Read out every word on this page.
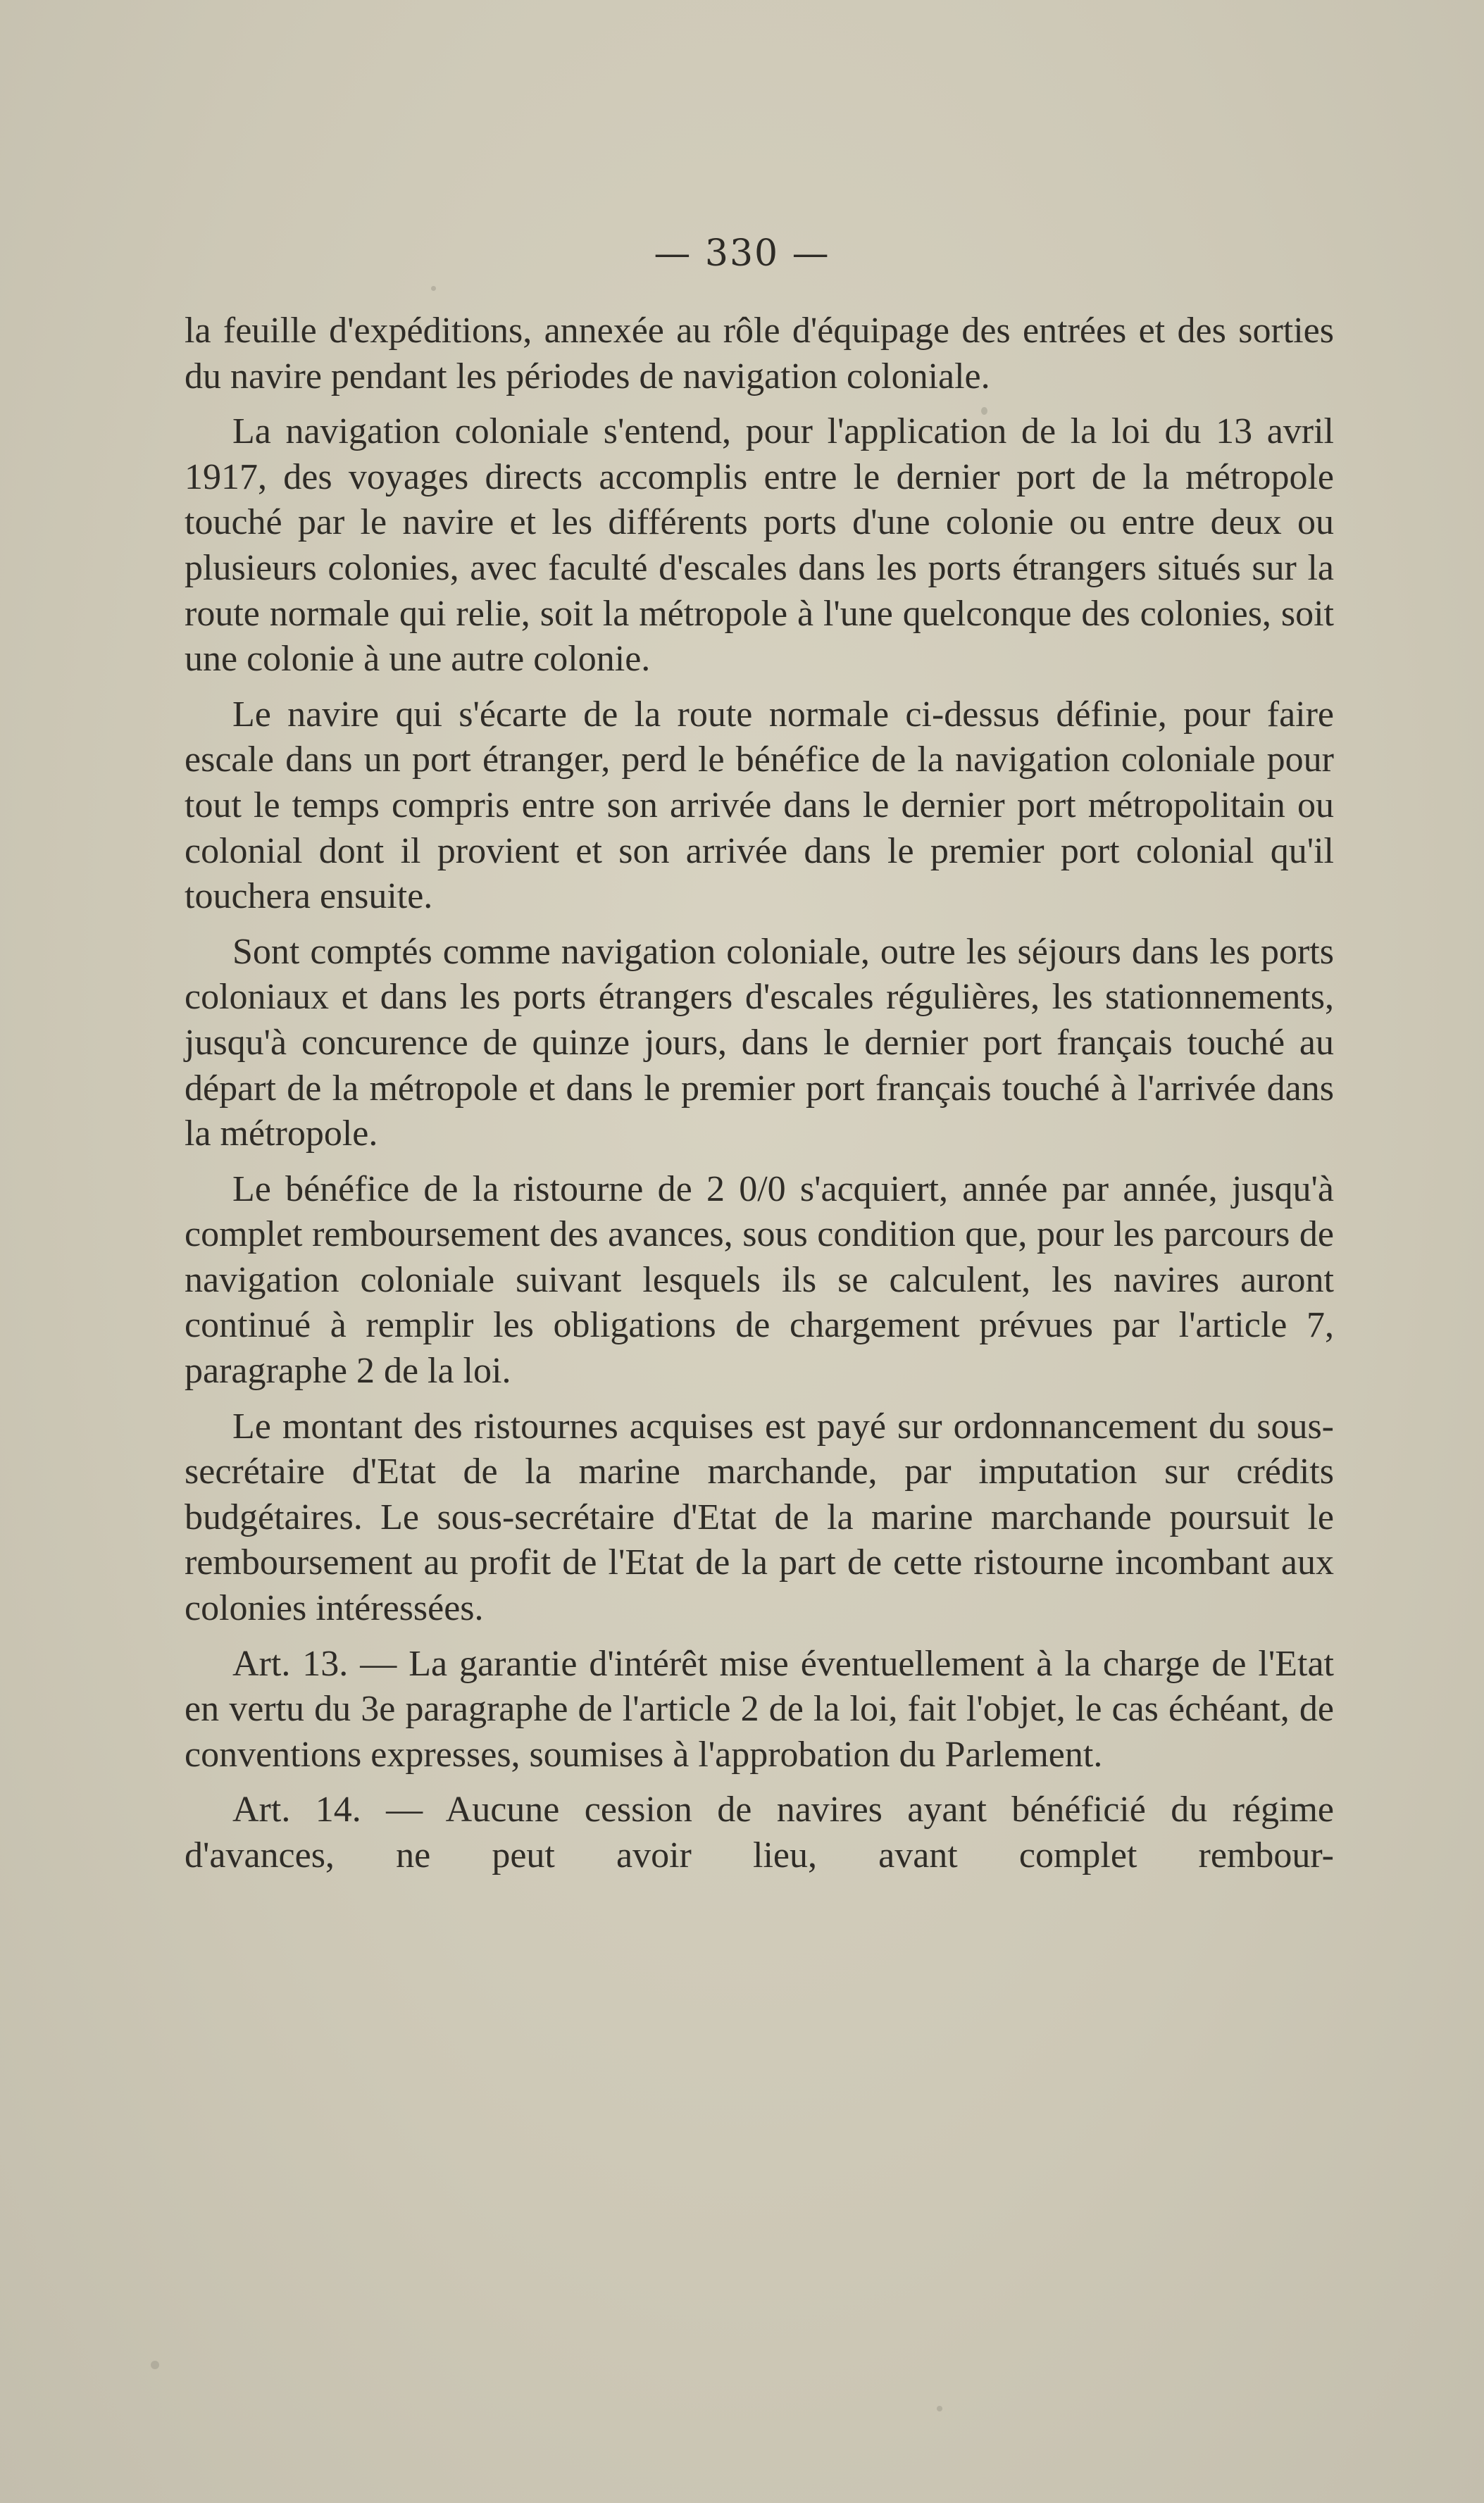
— 330 —

la feuille d'expéditions, annexée au rôle d'équipage des entrées et des sorties du navire pendant les périodes de navigation coloniale.

La navigation coloniale s'entend, pour l'application de la loi du 13 avril 1917, des voyages directs accomplis entre le dernier port de la métropole touché par le navire et les différents ports d'une colonie ou entre deux ou plusieurs colonies, avec faculté d'escales dans les ports étrangers situés sur la route normale qui relie, soit la métropole à l'une quelconque des colonies, soit une colonie à une autre colonie.

Le navire qui s'écarte de la route normale ci-dessus définie, pour faire escale dans un port étranger, perd le bénéfice de la navigation coloniale pour tout le temps compris entre son arrivée dans le dernier port métropolitain ou colonial dont il provient et son arrivée dans le premier port colonial qu'il touchera ensuite.

Sont comptés comme navigation coloniale, outre les séjours dans les ports coloniaux et dans les ports étrangers d'escales régulières, les stationnements, jusqu'à concurence de quinze jours, dans le dernier port français touché au départ de la métropole et dans le premier port français touché à l'arrivée dans la métropole.

Le bénéfice de la ristourne de 2 0/0 s'acquiert, année par année, jusqu'à complet remboursement des avances, sous condition que, pour les parcours de navigation coloniale suivant lesquels ils se calculent, les navires auront continué à remplir les obligations de chargement prévues par l'article 7, paragraphe 2 de la loi.

Le montant des ristournes acquises est payé sur ordonnancement du sous-secrétaire d'Etat de la marine marchande, par imputation sur crédits budgétaires. Le sous-secrétaire d'Etat de la marine marchande poursuit le remboursement au profit de l'Etat de la part de cette ristourne incombant aux colonies intéressées.

Art. 13. — La garantie d'intérêt mise éventuellement à la charge de l'Etat en vertu du 3e paragraphe de l'article 2 de la loi, fait l'objet, le cas échéant, de conventions expresses, soumises à l'approbation du Parlement.

Art. 14. — Aucune cession de navires ayant bénéficié du régime d'avances, ne peut avoir lieu, avant complet rembour-
